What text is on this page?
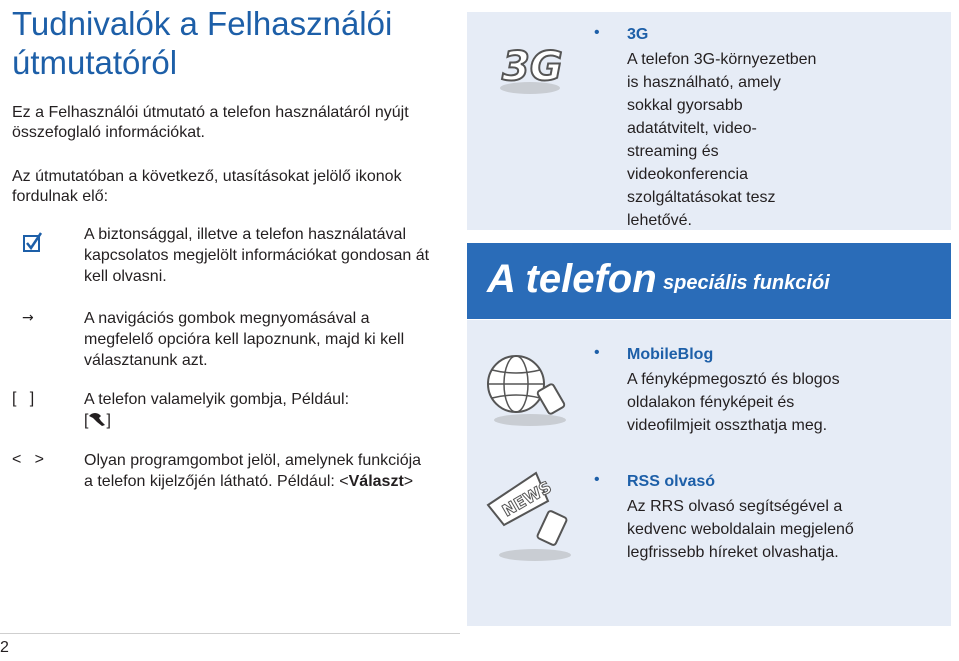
Tudnivalók a Felhasználói útmutatóról
Ez a Felhasználói útmutató a telefon használatáról nyújt összefoglaló információkat.
Az útmutatóban a következő, utasításokat jelölő ikonok fordulnak elő:
A biztonsággal, illetve a telefon használatával kapcsolatos megjelölt információkat gondosan át kell olvasni.
→	A navigációs gombok megnyomásával a megfelelő opcióra kell lapoznunk, majd ki kell választanunk azt.
[   ]	A telefon valamelyik gombja, Például:
[ ]
<   >	Olyan programgombot jelöl, amelynek funkciója a telefon kijelzőjén látható. Például: <Választ>
2
3G
NEWS
A telefon speciális funkciói
• 3G
A telefon 3G-környezetben is használható, amely sokkal gyorsabb adatátvitelt, video-streaming és videokonferencia szolgáltatásokat tesz lehetővé.
• MobileBlog
A fényképmegosztó és blogos oldalakon fényképeit és videofilmjeit osszthatja meg.
• RSS olvasó
Az RRS olvasó segítségével a kedvenc weboldalain megjelenő legfrissebb híreket olvashatja.
